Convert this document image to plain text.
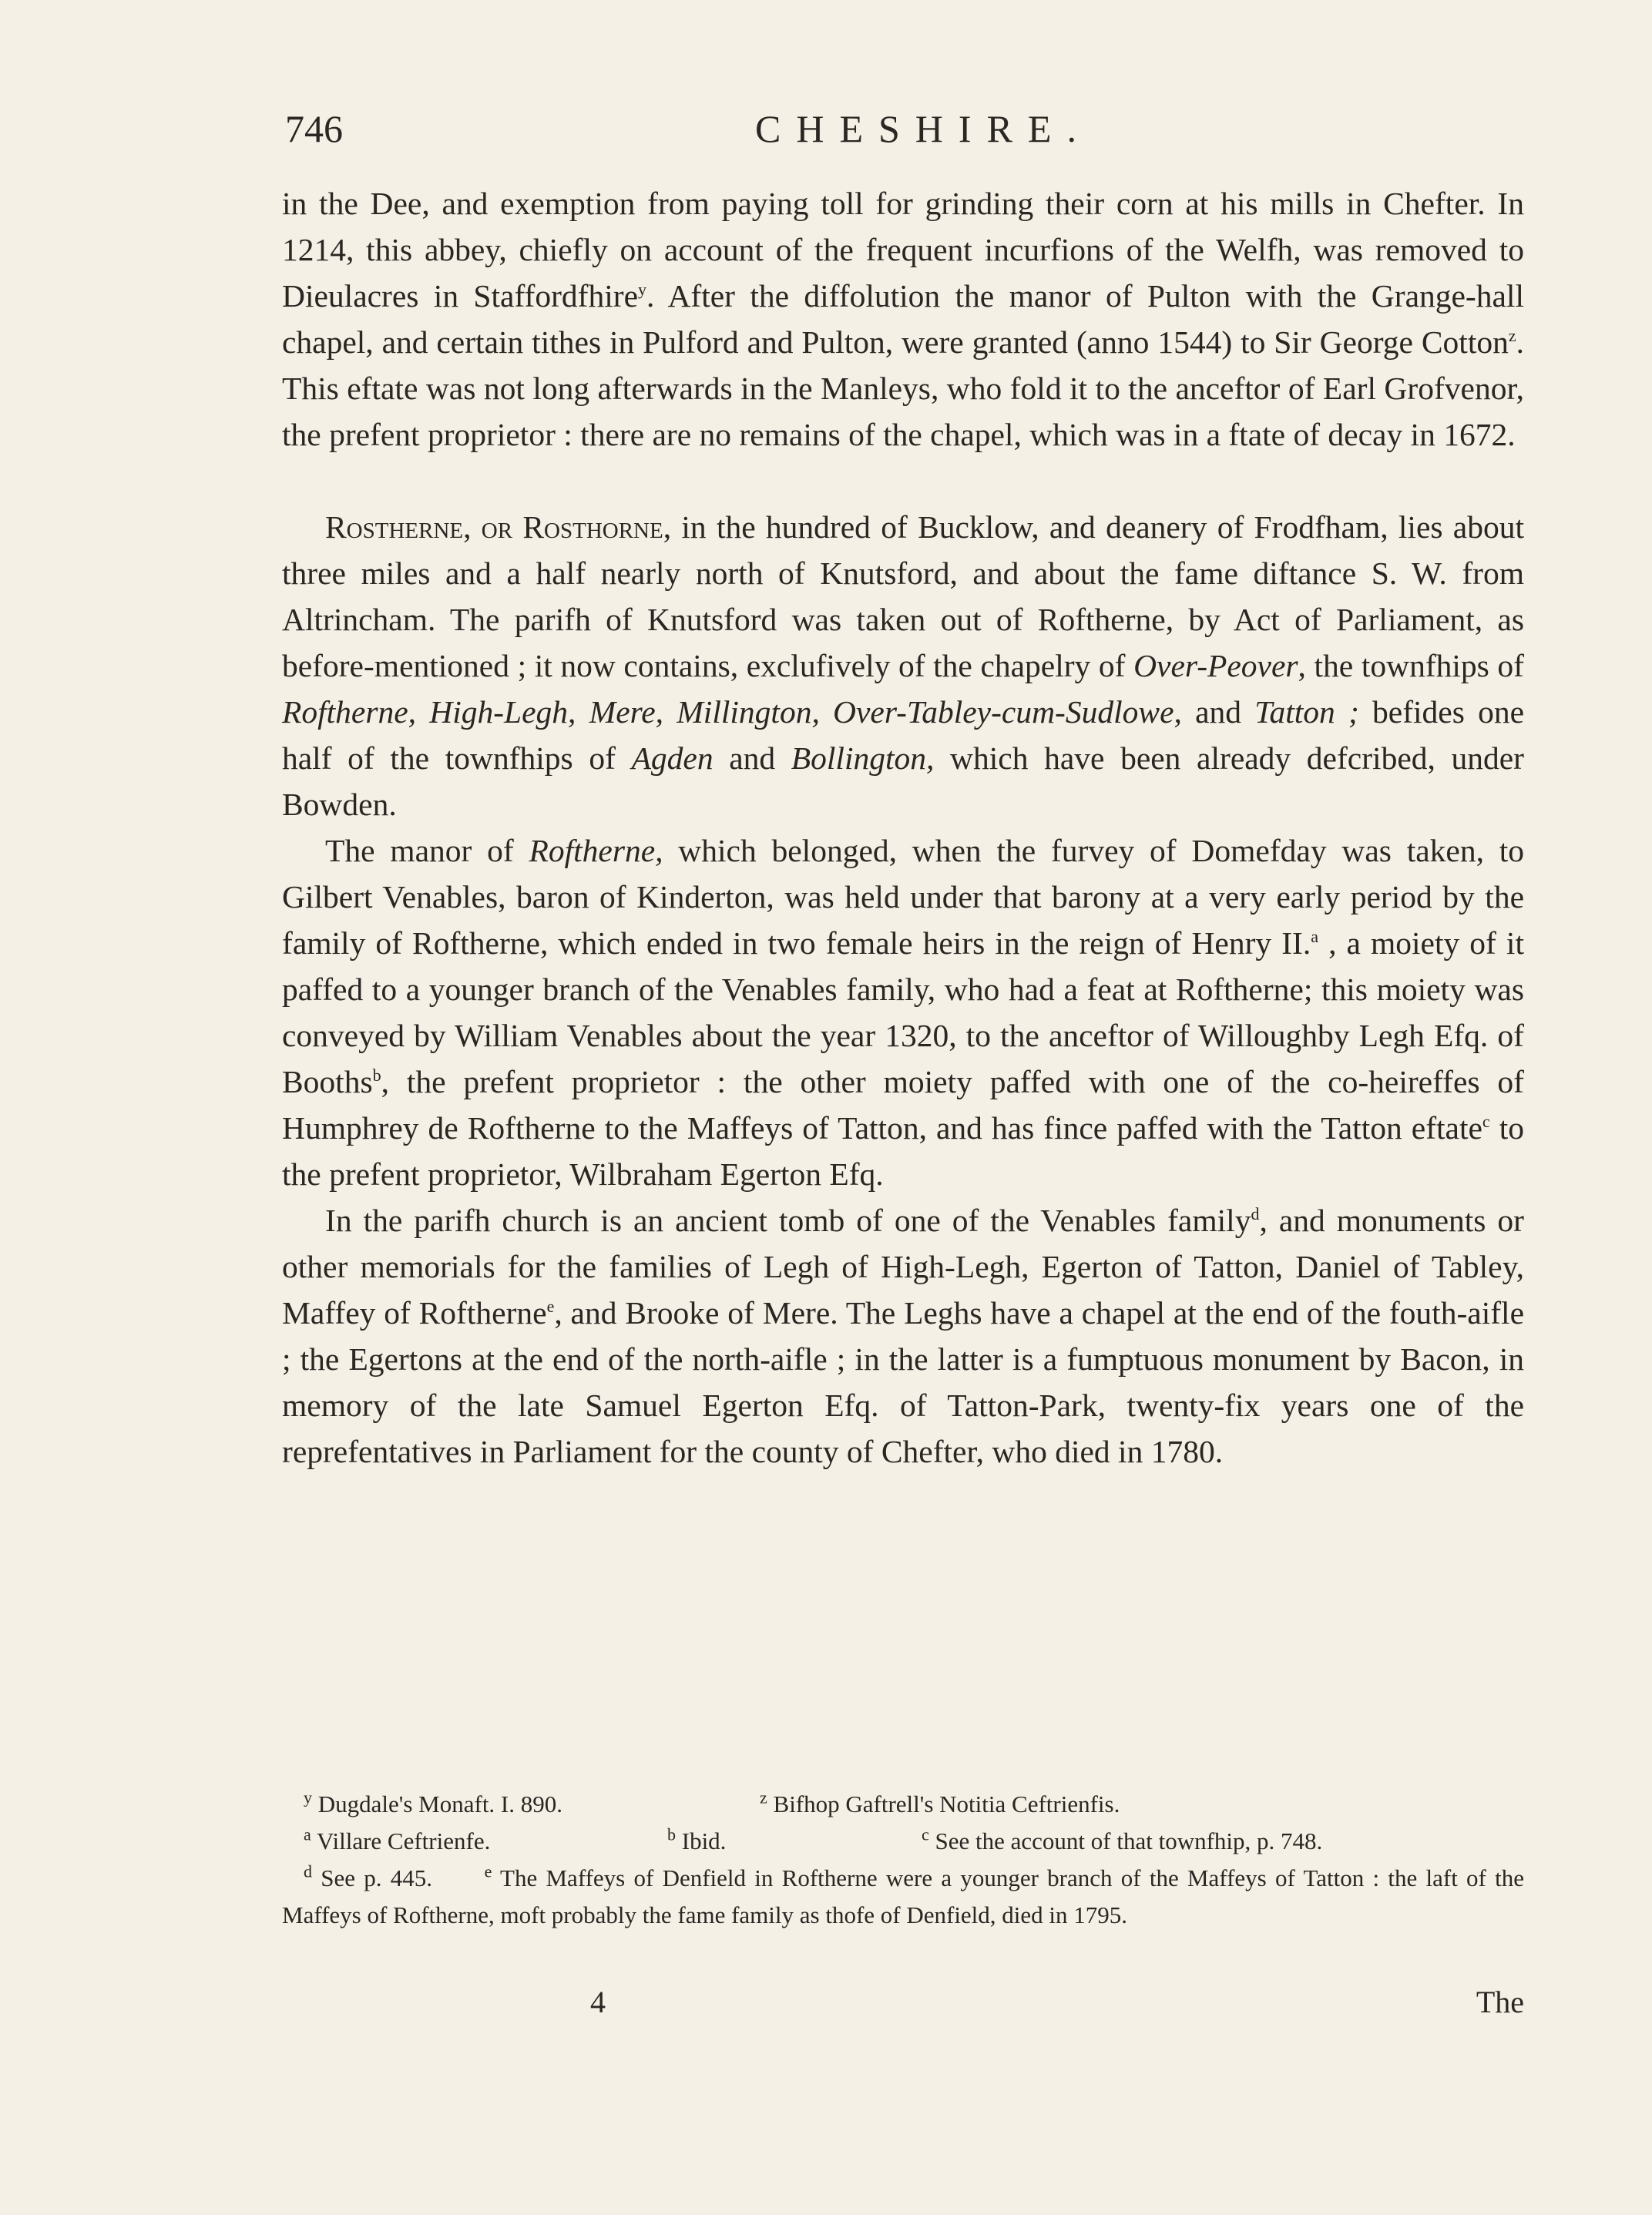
746	CHESHIRE.

in the Dee, and exemption from paying toll for grinding their corn at his mills in Chefter. In 1214, this abbey, chiefly on account of the frequent incurfions of the Welfh, was removed to Dieulacres in Staffordfhire$^y$. After the diffolution the manor of Pulton with the Grange-hall chapel, and certain tithes in Pulford and Pulton, were granted (anno 1544) to Sir George Cotton$^z$. This eftate was not long afterwards in the Manleys, who fold it to the anceftor of Earl Grofvenor, the prefent proprietor : there are no remains of the chapel, which was in a ftate of decay in 1672.

Rostherne, or Rosthorne, in the hundred of Bucklow, and deanery of Frodfham, lies about three miles and a half nearly north of Knutsford, and about the fame diftance S. W. from Altrincham. The parifh of Knutsford was taken out of Roftherne, by Act of Parliament, as before-mentioned ; it now contains, exclufively of the chapelry of Over-Peover, the townfhips of Roftherne, High-Legh, Mere, Millington, Over-Tabley-cum-Sudlowe, and Tatton ; befides one half of the townfhips of Agden and Bollington, which have been already defcribed, under Bowden.

The manor of Roftherne, which belonged, when the furvey of Domefday was taken, to Gilbert Venables, baron of Kinderton, was held under that barony at a very early period by the family of Roftherne, which ended in two female heirs in the reign of Henry II.$^a$ , a moiety of it paffed to a younger branch of the Venables family, who had a feat at Roftherne; this moiety was conveyed by William Venables about the year 1320, to the anceftor of Willoughby Legh Efq. of Booths$^b$, the prefent proprietor : the other moiety paffed with one of the co-heireffes of Humphrey de Roftherne to the Maffeys of Tatton, and has fince paffed with the Tatton eftate$^c$ to the prefent proprietor, Wilbraham Egerton Efq.

In the parifh church is an ancient tomb of one of the Venables family$^d$, and monuments or other memorials for the families of Legh of High-Legh, Egerton of Tatton, Daniel of Tabley, Maffey of Roftherne$^e$, and Brooke of Mere. The Leghs have a chapel at the end of the fouth-aifle ; the Egertons at the end of the north-aifle ; in the latter is a fumptuous monument by Bacon, in memory of the late Samuel Egerton Efq. of Tatton-Park, twenty-fix years one of the reprefentatives in Parliament for the county of Chefter, who died in 1780.

$^y$ Dugdale's Monaft. I. 890.	$^z$ Bifhop Gaftrell's Notitia Ceftrienfis.
$^a$ Villare Ceftrienfe.	$^b$ Ibid.	$^c$ See the account of that townfhip, p. 748.
$^d$ See p. 445.	$^e$ The Maffeys of Denfield in Roftherne were a younger branch of the Maffeys of Tatton : the laft of the Maffeys of Roftherne, moft probably the fame family as thofe of Denfield, died in 1795.
4	The
